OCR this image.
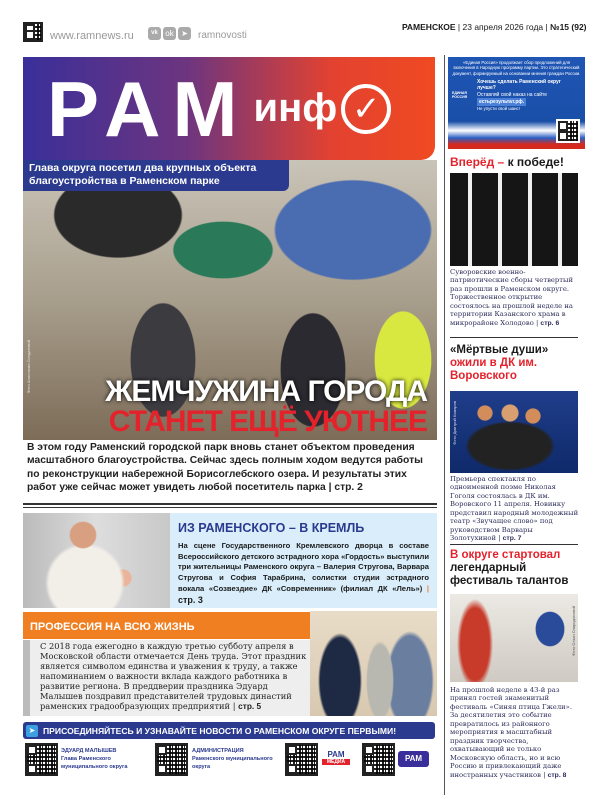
www.ramnews.ru	vk ok ➤	ramnovosti
РАМЕНСКОЕ | 23 апреля 2026 года | №15 (92)
РАМ инф ✓
«Единая Россия» продолжает сбор предложений для включения в Народную программу партии. Это стратегический документ, формируемый на основании мнения граждан России.
ЕДИНАЯ РОССИЯ
Хочешь сделать Раменский округ лучше?
Оставляй свой наказ на сайте
естьрезультат.рф.
Не упусти свой шанс!
Фото Анастасии Солдатовой
Глава округа посетил два крупных объекта благоустройства в Раменском парке
ЖЕМЧУЖИНА ГОРОДА
СТАНЕТ ЕЩЁ УЮТНЕЕ
В этом году Раменский городской парк вновь станет объектом проведения масштабного благоустройства. Сейчас здесь полным ходом ведутся работы по реконструкции набережной Борисоглебского озера. И результаты этих работ уже сейчас может увидеть любой посетитель парка | стр. 2
ИЗ РАМЕНСКОГО – В КРЕМЛЬ
На сцене Государственного Кремлевского дворца в составе Всероссийского детского эстрадного хора «Гордость» выступили три жительницы Раменского округа – Валерия Стругова, Варвара Стругова и София Тарабрина, солистки студии эстрадного вокала «Созвездие» ДК «Современник» (филиал ДК «Лель») | стр. 3
ПРОФЕССИЯ НА ВСЮ ЖИЗНЬ
С 2018 года ежегодно в каждую третью субботу апреля в Московской области отмечается День труда. Этот праздник является символом единства и уважения к труду, а также напоминанием о важности вклада каждого работника в развитие региона. В преддверии праздника Эдуард Малышев поздравил представителей трудовых династий раменских градообразующих предприятий | стр. 5
➤ ПРИСОЕДИНЯЙТЕСЬ И УЗНАВАЙТЕ НОВОСТИ О РАМЕНСКОМ ОКРУГЕ ПЕРВЫМИ!
ЭДУАРД МАЛЫШЕВ
Глава Раменского муниципального округа
АДМИНИСТРАЦИЯ
Раменского муниципального округа
РАМ
МЕДИА	РАМ
Вперёд – к победе!
Суворовские военно-патриотические сборы четвертый раз прошли в Раменском округе. Торжественное открытие состоялось на прошлой неделе на территории Казанского храма в микрорайоне Холодово | стр. 6
«Мёртвые души»
ожили в ДК им. Воровского
Фото Дмитрий Комаров
Премьера спектакля по одноименной поэме Николая Гоголя состоялась в ДК им. Воровского 11 апреля. Новинку представил народный молодежный театр «Звучащее слово» под руководством Варвары Золотухиной | стр. 7
В округе стартовал
легендарный фестиваль талантов
Фото Ольги Спиридоновой
На прошлой неделе в 43-й раз принял гостей знаменитый фестиваль «Синяя птица Гжели». За десятилетия это событие превратилось из районного мероприятия в масштабный праздник творчества, охватывающий не только Московскую область, но и всю Россию и привлекающий даже иностранных участников | стр. 8
